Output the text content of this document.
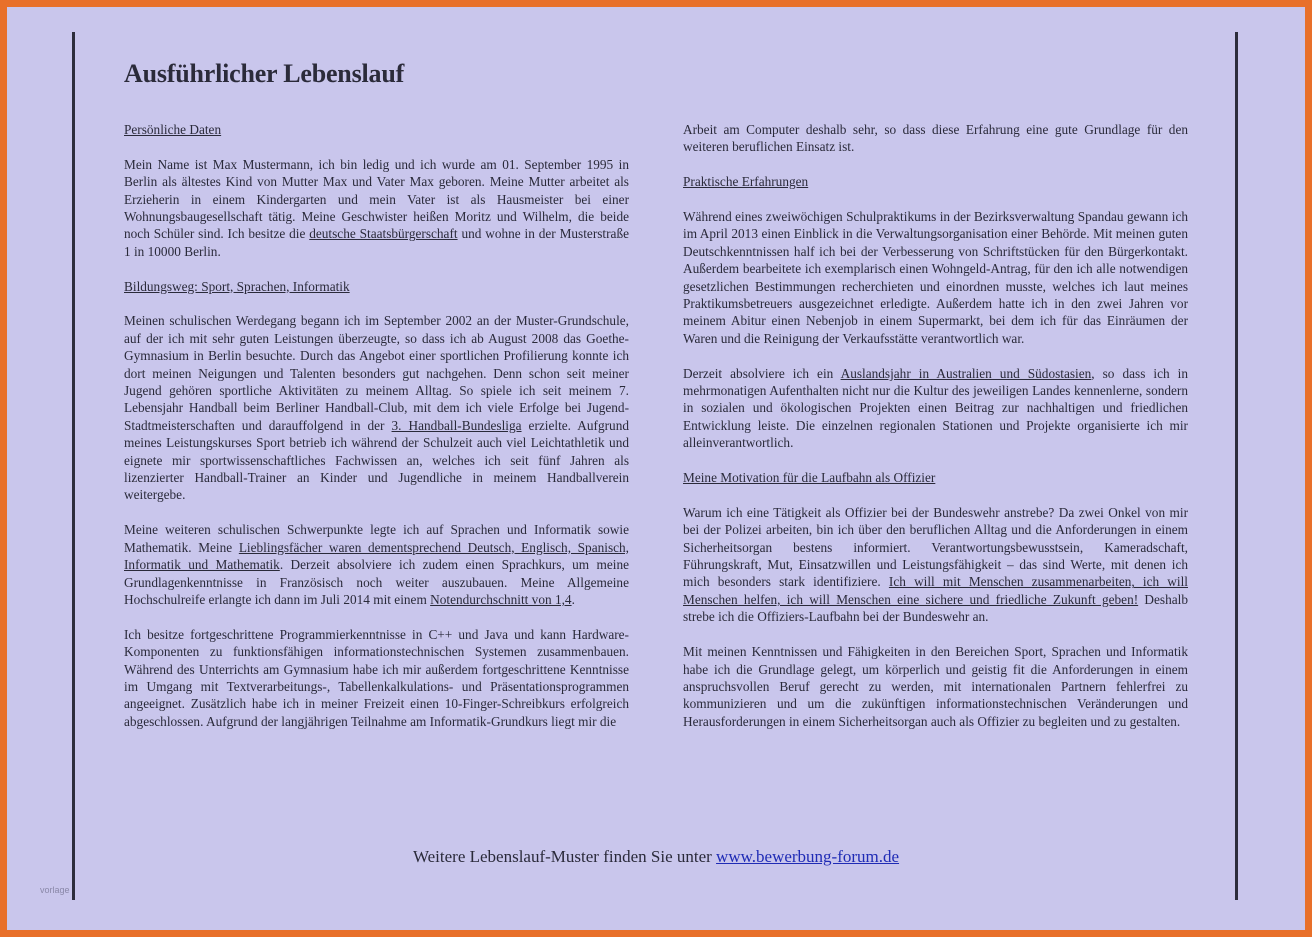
Ausführlicher Lebenslauf

Persönliche Daten

Mein Name ist Max Mustermann, ich bin ledig und ich wurde am 01. September 1995 in Berlin als ältestes Kind von Mutter Max und Vater Max geboren. Meine Mutter arbeitet als Erzieherin in einem Kindergarten und mein Vater ist als Hausmeister bei einer Wohnungsbaugesellschaft tätig. Meine Geschwister heißen Moritz und Wilhelm, die beide noch Schüler sind. Ich besitze die deutsche Staatsbürgerschaft und wohne in der Musterstraße 1 in 10000 Berlin.

Bildungsweg: Sport, Sprachen, Informatik

Meinen schulischen Werdegang begann ich im September 2002 an der Muster-Grundschule, auf der ich mit sehr guten Leistungen überzeugte, so dass ich ab August 2008 das Goethe-Gymnasium in Berlin besuchte. Durch das Angebot einer sportlichen Profilierung konnte ich dort meinen Neigungen und Talenten besonders gut nachgehen. Denn schon seit meiner Jugend gehören sportliche Aktivitäten zu meinem Alltag. So spiele ich seit meinem 7. Lebensjahr Handball beim Berliner Handball-Club, mit dem ich viele Erfolge bei Jugend-Stadtmeisterschaften und darauffolgend in der 3. Handball-Bundesliga erzielte. Aufgrund meines Leistungskurses Sport betrieb ich während der Schulzeit auch viel Leichtathletik und eignete mir sportwissenschaftliches Fachwissen an, welches ich seit fünf Jahren als lizenzierter Handball-Trainer an Kinder und Jugendliche in meinem Handballverein weitergebe.

Meine weiteren schulischen Schwerpunkte legte ich auf Sprachen und Informatik sowie Mathematik. Meine Lieblingsfächer waren dementsprechend Deutsch, Englisch, Spanisch, Informatik und Mathematik. Derzeit absolviere ich zudem einen Sprachkurs, um meine Grundlagenkenntnisse in Französisch noch weiter auszubauen. Meine Allgemeine Hochschulreife erlangte ich dann im Juli 2014 mit einem Notendurchschnitt von 1,4.

Ich besitze fortgeschrittene Programmierkenntnisse in C++ und Java und kann Hardware-Komponenten zu funktionsfähigen informationstechnischen Systemen zusammenbauen. Während des Unterrichts am Gymnasium habe ich mir außerdem fortgeschrittene Kenntnisse im Umgang mit Textverarbeitungs-, Tabellenkalkulations- und Präsentationsprogrammen angeeignet. Zusätzlich habe ich in meiner Freizeit einen 10-Finger-Schreibkurs erfolgreich abgeschlossen. Aufgrund der langjährigen Teilnahme am Informatik-Grundkurs liegt mir die

Arbeit am Computer deshalb sehr, so dass diese Erfahrung eine gute Grundlage für den weiteren beruflichen Einsatz ist.

Praktische Erfahrungen

Während eines zweiwöchigen Schulpraktikums in der Bezirksverwaltung Spandau gewann ich im April 2013 einen Einblick in die Verwaltungsorganisation einer Behörde. Mit meinen guten Deutschkenntnissen half ich bei der Verbesserung von Schriftstücken für den Bürgerkontakt. Außerdem bearbeitete ich exemplarisch einen Wohngeld-Antrag, für den ich alle notwendigen gesetzlichen Bestimmungen recherchieten und einordnen musste, welches ich laut meines Praktikumsbetreuers ausgezeichnet erledigte. Außerdem hatte ich in den zwei Jahren vor meinem Abitur einen Nebenjob in einem Supermarkt, bei dem ich für das Einräumen der Waren und die Reinigung der Verkaufsstätte verantwortlich war.

Derzeit absolviere ich ein Auslandsjahr in Australien und Südostasien, so dass ich in mehrmonatigen Aufenthalten nicht nur die Kultur des jeweiligen Landes kennenlerne, sondern in sozialen und ökologischen Projekten einen Beitrag zur nachhaltigen und friedlichen Entwicklung leiste. Die einzelnen regionalen Stationen und Projekte organisierte ich mir alleinverantwortlich.

Meine Motivation für die Laufbahn als Offizier

Warum ich eine Tätigkeit als Offizier bei der Bundeswehr anstrebe? Da zwei Onkel von mir bei der Polizei arbeiten, bin ich über den beruflichen Alltag und die Anforderungen in einem Sicherheitsorgan bestens informiert. Verantwortungsbewusstsein, Kameradschaft, Führungskraft, Mut, Einsatzwillen und Leistungsfähigkeit – das sind Werte, mit denen ich mich besonders stark identifiziere. Ich will mit Menschen zusammenarbeiten, ich will Menschen helfen, ich will Menschen eine sichere und friedliche Zukunft geben! Deshalb strebe ich die Offiziers-Laufbahn bei der Bundeswehr an.

Mit meinen Kenntnissen und Fähigkeiten in den Bereichen Sport, Sprachen und Informatik habe ich die Grundlage gelegt, um körperlich und geistig fit die Anforderungen in einem anspruchsvollen Beruf gerecht zu werden, mit internationalen Partnern fehlerfrei zu kommunizieren und um die zukünftigen informationstechnischen Veränderungen und Herausforderungen in einem Sicherheitsorgan auch als Offizier zu begleiten und zu gestalten.

Weitere Lebenslauf-Muster finden Sie unter www.bewerbung-forum.de
vorlage
